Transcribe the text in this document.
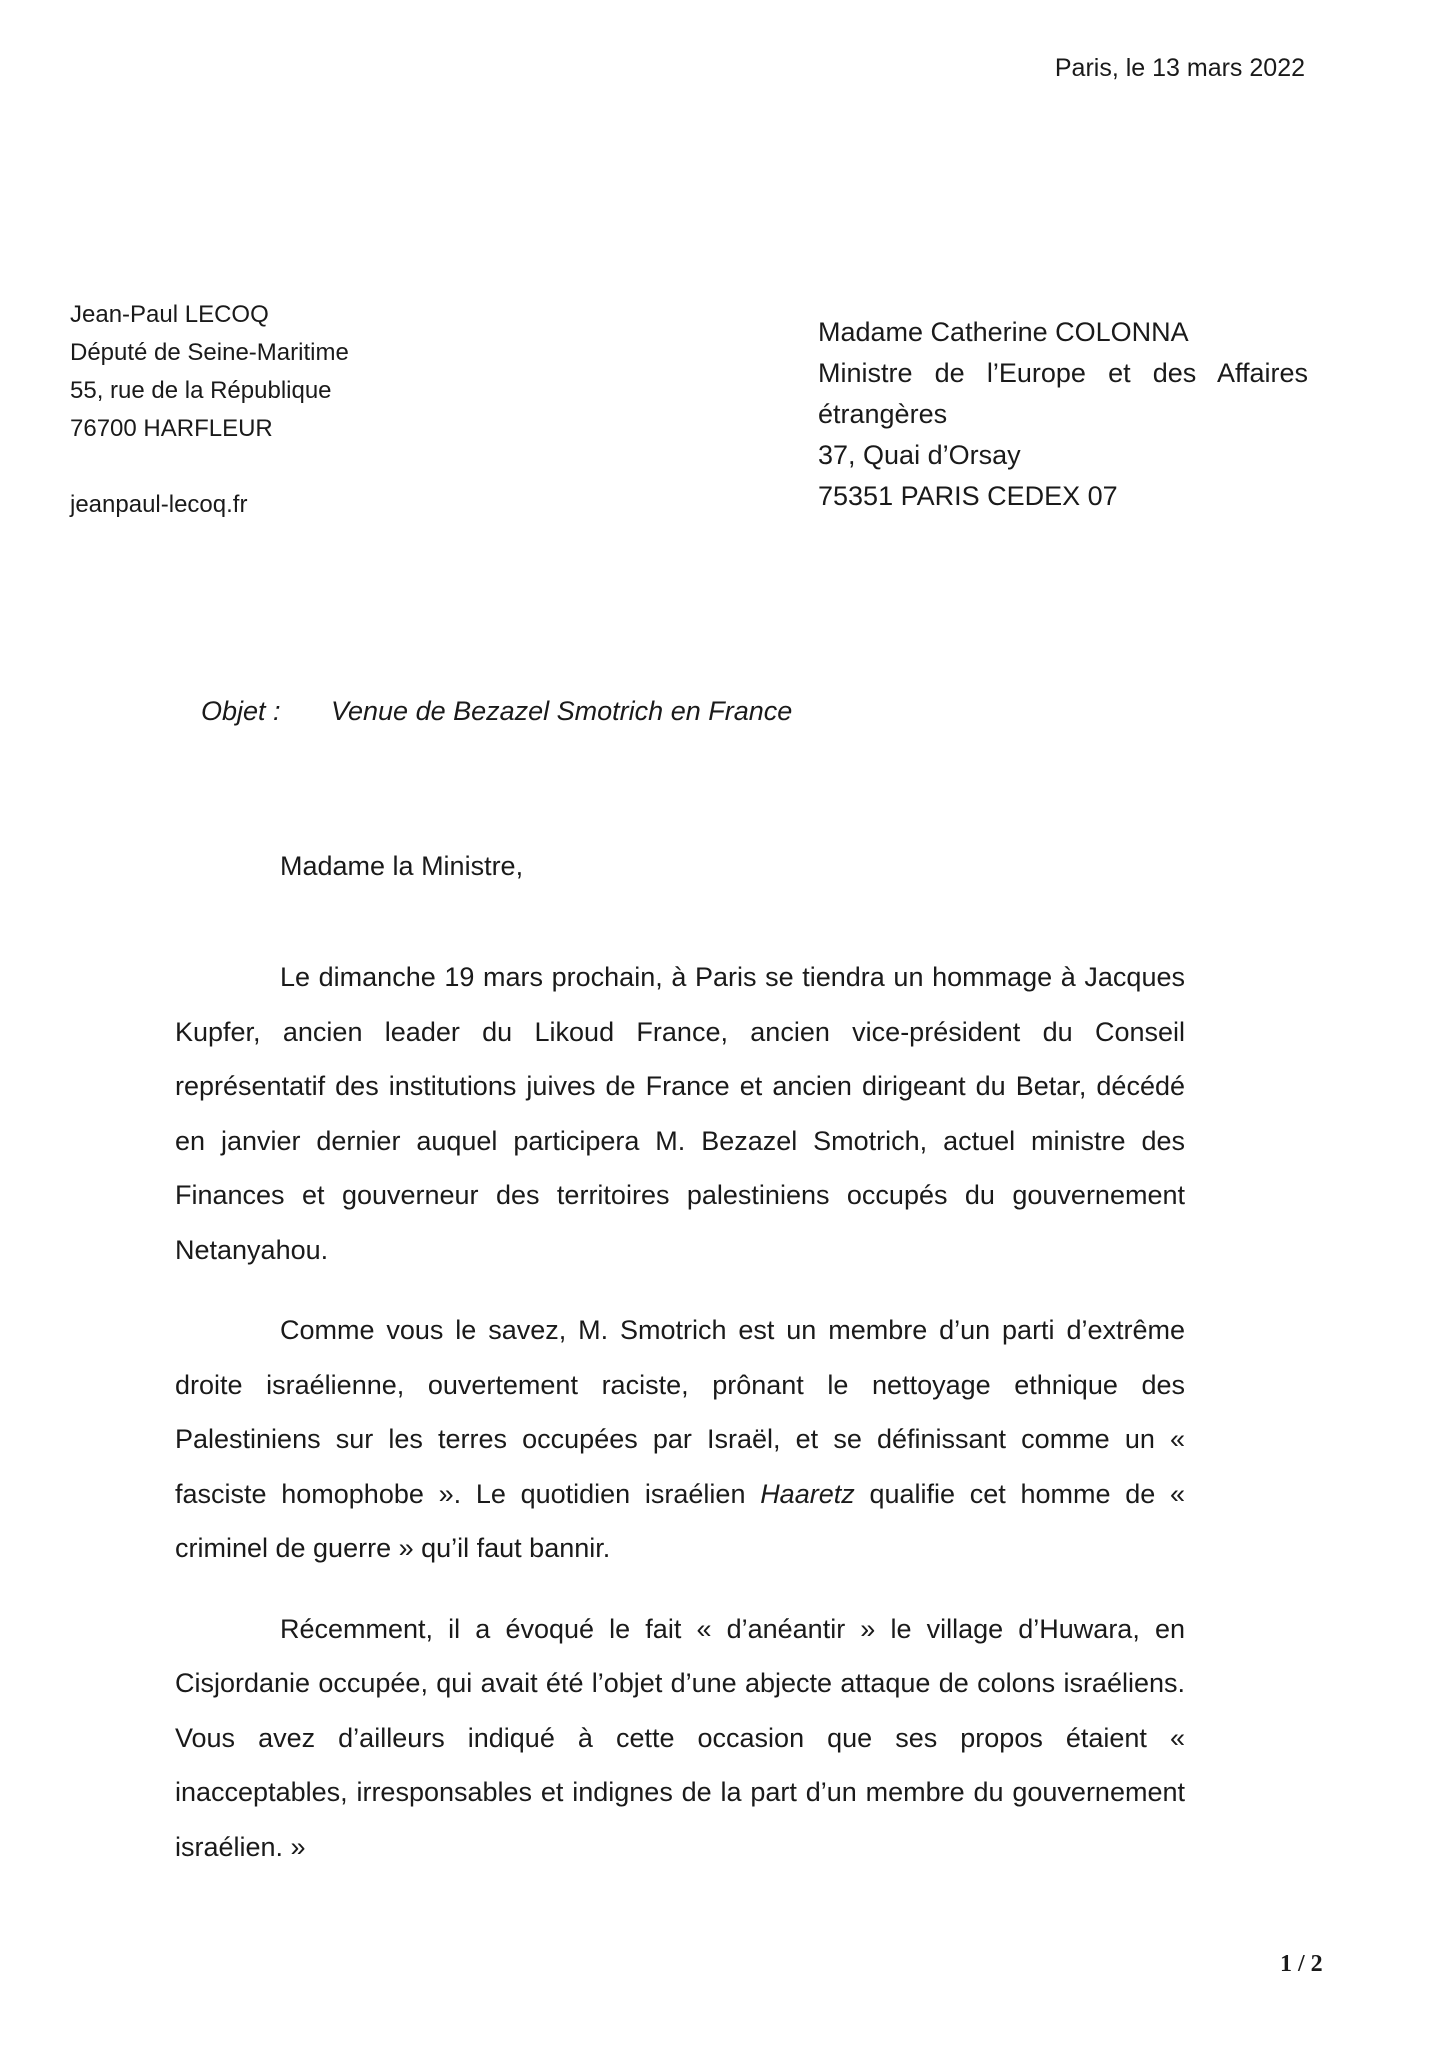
Paris, le 13 mars 2022
Jean-Paul LECOQ
Député de Seine-Maritime
55, rue de la République
76700 HARFLEUR
jeanpaul-lecoq.fr
Madame Catherine COLONNA
Ministre de l’Europe et des Affaires
étrangères
37, Quai d’Orsay
75351 PARIS CEDEX 07
Objet : Venue de Bezazel Smotrich en France
Madame la Ministre,

Le dimanche 19 mars prochain, à Paris se tiendra un hommage à Jacques Kupfer, ancien leader du Likoud France, ancien vice-président du Conseil représentatif des institutions juives de France et ancien dirigeant du Betar, décédé en janvier dernier auquel participera M. Bezazel Smotrich, actuel ministre des Finances et gouverneur des territoires palestiniens occupés du gouvernement Netanyahou.

Comme vous le savez, M. Smotrich est un membre d’un parti d’extrême droite israélienne, ouvertement raciste, prônant le nettoyage ethnique des Palestiniens sur les terres occupées par Israël, et se définissant comme un « fasciste homophobe ». Le quotidien israélien Haaretz qualifie cet homme de « criminel de guerre » qu’il faut bannir.

Récemment, il a évoqué le fait « d’anéantir » le village d’Huwara, en Cisjordanie occupée, qui avait été l’objet d’une abjecte attaque de colons israéliens. Vous avez d’ailleurs indiqué à cette occasion que ses propos étaient « inacceptables, irresponsables et indignes de la part d’un membre du gouvernement israélien. »

1 / 2
